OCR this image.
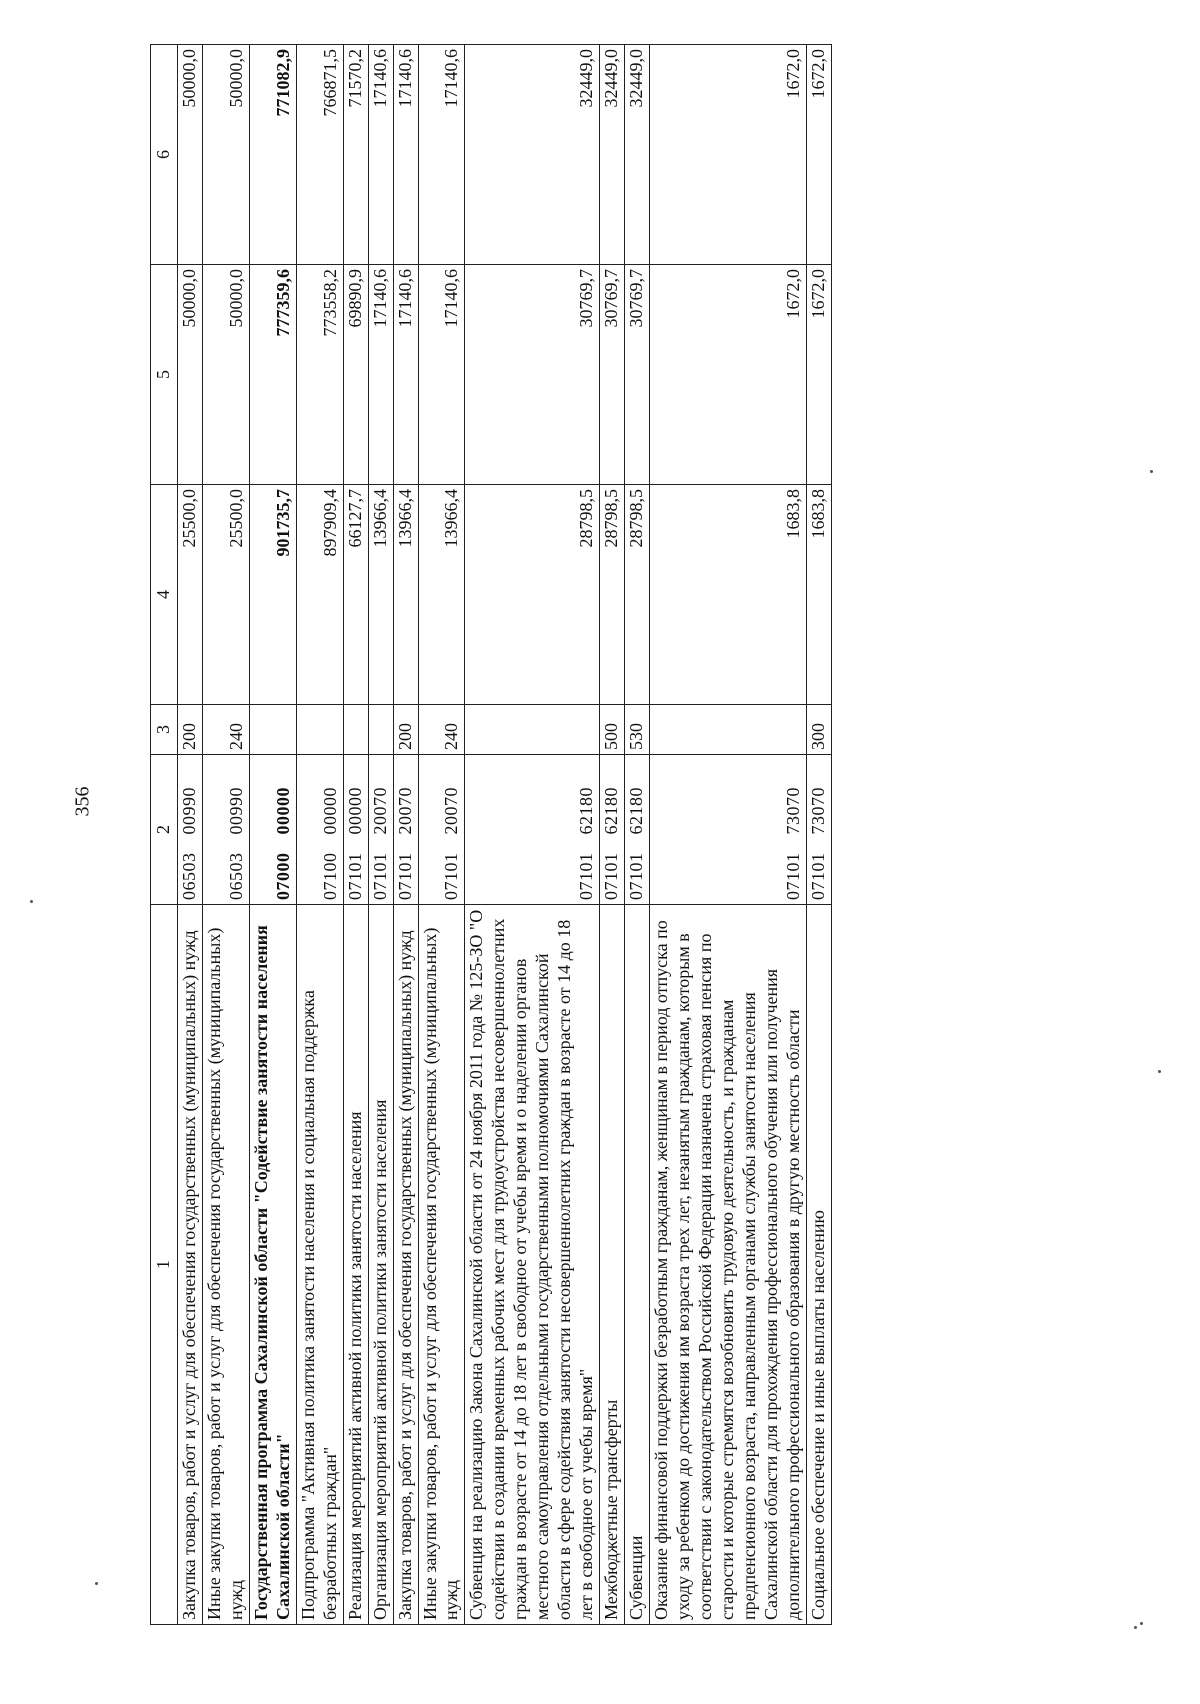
356
1	2	3	4	5	6
Закупка товаров, работ и услуг для обеспечения государственных (муниципальных) нужд	0650300990	200	25500,0	50000,0	50000,0
Иные закупки товаров, работ и услуг для обеспечения государственных (муниципальных) нужд	0650300990	240	25500,0	50000,0	50000,0
Государственная программа Сахалинской области "Содействие занятости населения Сахалинской области"	0700000000		901735,7	777359,6	771082,9
Подпрограмма "Активная политика занятости населения и социальная поддержка безработных граждан"	0710000000		897909,4	773558,2	766871,5
Реализация мероприятий активной политики занятости населения	0710100000		66127,7	69890,9	71570,2
Организация мероприятий активной политики занятости населения	0710120070		13966,4	17140,6	17140,6
Закупка товаров, работ и услуг для обеспечения государственных (муниципальных) нужд	0710120070	200	13966,4	17140,6	17140,6
Иные закупки товаров, работ и услуг для обеспечения государственных (муниципальных) нужд	0710120070	240	13966,4	17140,6	17140,6
Субвенция на реализацию Закона Сахалинской области от 24 ноября 2011 года № 125-ЗО "О содействии в создании временных рабочих мест для трудоустройства несовершеннолетних граждан в возрасте от 14 до 18 лет в свободное от учебы время и о наделении органов местного самоуправления отдельными государственными полномочиями Сахалинской области в сфере содействия занятости несовершеннолетних граждан в возрасте от 14 до 18 лет в свободное от учебы время"	0710162180		28798,5	30769,7	32449,0
Межбюджетные трансферты	0710162180	500	28798,5	30769,7	32449,0
Субвенции	0710162180	530	28798,5	30769,7	32449,0
Оказание финансовой поддержки безработным гражданам, женщинам в период отпуска по уходу за ребенком до достижения им возраста трех лет, незанятым гражданам, которым в соответствии с законодательством Российской Федерации назначена страховая пенсия по старости и которые стремятся возобновить трудовую деятельность, и гражданам предпенсионного возраста, направленным органами службы занятости населения Сахалинской области для прохождения профессионального обучения или получения дополнительного профессионального образования в другую местность области	0710173070		1683,8	1672,0	1672,0
Социальное обеспечение и иные выплаты населению	0710173070	300	1683,8	1672,0	1672,0
